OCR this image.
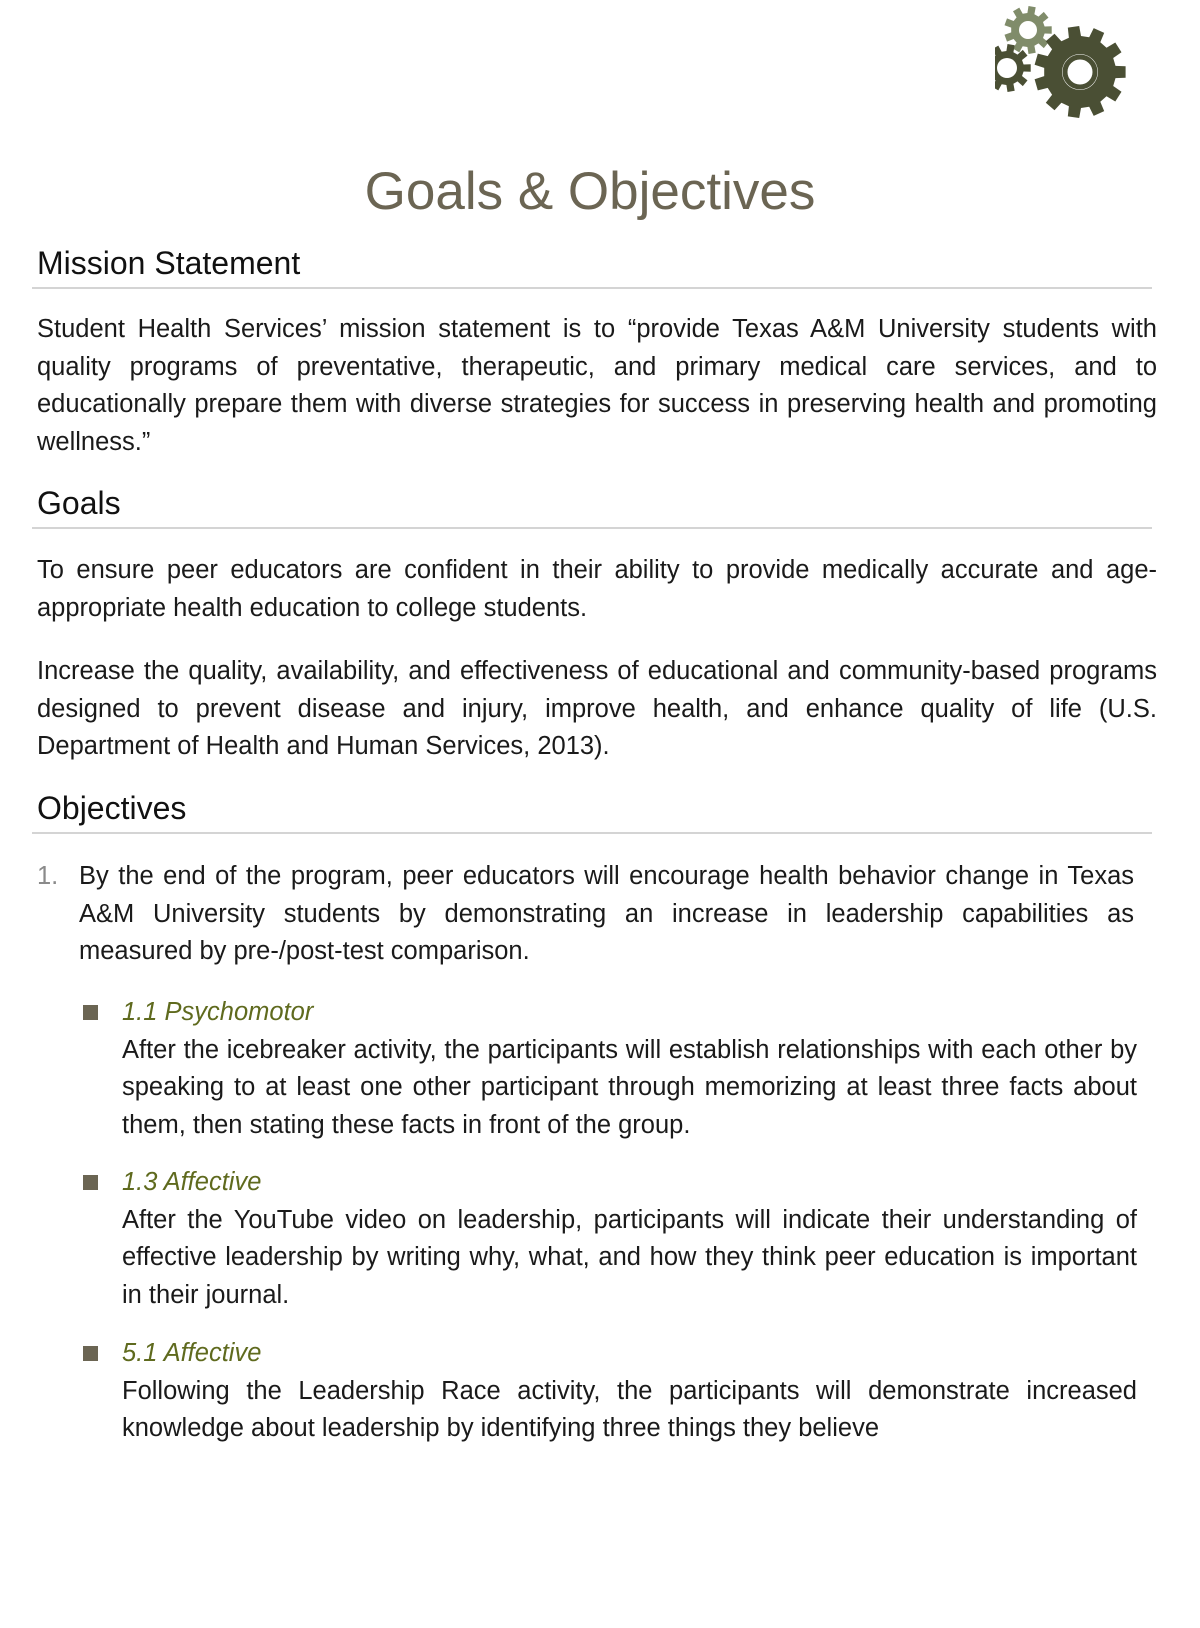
Goals & Objectives
Mission Statement

Student Health Services’ mission statement is to “provide Texas A&M University students with quality programs of preventative, therapeutic, and primary medical care services, and to educationally prepare them with diverse strategies for success in preserving health and promoting wellness.”

Goals

To ensure peer educators are confident in their ability to provide medically accurate and age-appropriate health education to college students.

Increase the quality, availability, and effectiveness of educational and community-based programs designed to prevent disease and injury, improve health, and enhance quality of life (U.S. Department of Health and Human Services, 2013).

Objectives
1. By the end of the program, peer educators will encourage health behavior change in Texas A&M University students by demonstrating an increase in leadership capabilities as measured by pre-/post-test comparison.

1.1 Psychomotor

After the icebreaker activity, the participants will establish relationships with each other by speaking to at least one other participant through memorizing at least three facts about them, then stating these facts in front of the group.

1.3 Affective

After the YouTube video on leadership, participants will indicate their understanding of effective leadership by writing why, what, and how they think peer education is important in their journal.

5.1 Affective

Following the Leadership Race activity, the participants will demonstrate increased knowledge about leadership by identifying three things they believe
